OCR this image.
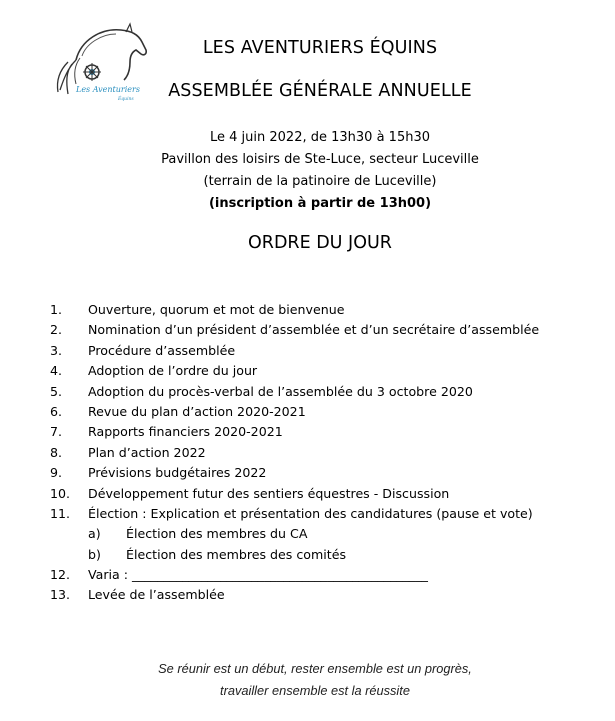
Les Aventuriers
Équins
LES AVENTURIERS ÉQUINS
ASSEMBLÉE GÉNÉRALE ANNUELLE
Le 4 juin 2022, de 13h30 à 15h30
Pavillon des loisirs de Ste-Luce, secteur Luceville
(terrain de la patinoire de Luceville)
(inscription à partir de 13h00)
ORDRE DU JOUR
1. Ouverture, quorum et mot de bienvenue
2. Nomination d’un président d’assemblée et d’un secrétaire d’assemblée
3. Procédure d’assemblée
4. Adoption de l’ordre du jour
5. Adoption du procès-verbal de l’assemblée du 3 octobre 2020
6. Revue du plan d’action 2020-2021
7. Rapports financiers 2020-2021
8. Plan d’action 2022
9. Prévisions budgétaires 2022
10. Développement futur des sentiers équestres - Discussion
11. Élection : Explication et présentation des candidatures (pause et vote)
a) Élection des membres du CA
b) Élection des membres des comités
12. Varia : _______________________________________________
13. Levée de l’assemblée
Se réunir est un début, rester ensemble est un progrès,
travailler ensemble est la réussite
